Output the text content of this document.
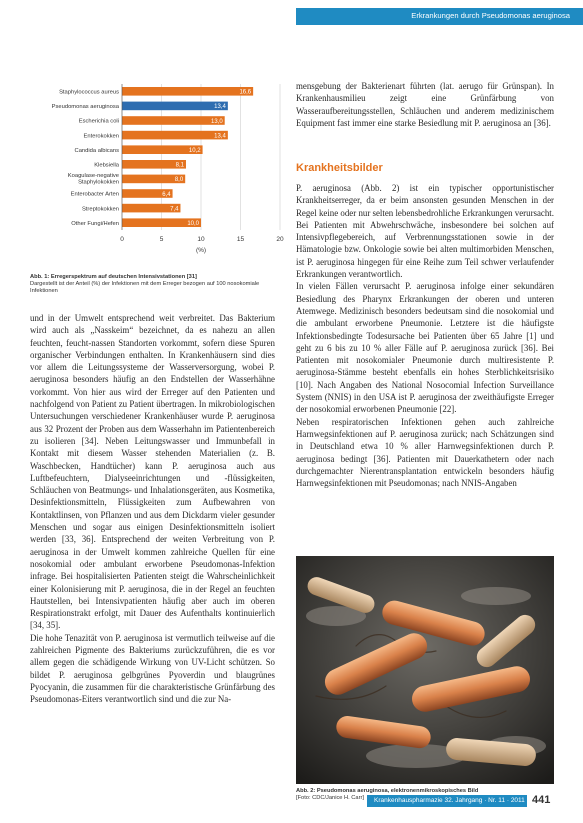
Erkrankungen durch Pseudomonas aeruginosa
0	5	10	15	20
(%)
Staphylococcus aureus	16,6
Pseudomonas aeruginosa	13,4
Escherichia coli	13,0
Enterokokken	13,4
Candida albicans	10,2
Klebsiella	8,1
Koagulase-negative
Staphylokokken	8,0
Enterobacter Arten	6,4
Streptokokken	7,4
Other Fungi/Hefen	10,0
Abb. 1: Erregerspektrum auf deutschen Intensivstationen [31]
Dargestellt ist der Anteil (%) der Infektionen mit dem Erreger bezogen auf 100 nosokomiale Infektionen

und in der Umwelt entsprechend weit verbreitet. Das Bakterium wird auch als „Nasskeim“ bezeichnet, da es nahezu an allen feuchten, feucht-nassen Standorten vorkommt, sofern diese Spuren organischer Verbindungen enthalten. In Krankenhäusern sind dies vor allem die Leitungssysteme der Wasserversorgung, wobei P. aeruginosa besonders häufig an den Endstellen der Wasserhähne vorkommt. Von hier aus wird der Erreger auf den Patienten und nachfolgend von Patient zu Patient übertragen. In mikrobiologischen Untersuchungen verschiedener Krankenhäuser wurde P. aeruginosa aus 32 Prozent der Proben aus dem Wasserhahn im Patientenbereich zu isolieren [34]. Neben Leitungswasser und Immunbefall in Kontakt mit diesem Wasser stehenden Materialien (z. B. Waschbecken, Handtücher) kann P. aeruginosa auch aus Luftbefeuchtern, Dialyseeinrichtungen und -flüssigkeiten, Schläuchen von Beatmungs- und Inhalationsgeräten, aus Kosmetika, Desinfektionsmitteln, Flüssigkeiten zum Aufbewahren von Kontaktlinsen, von Pflanzen und aus dem Dickdarm vieler gesunder Menschen und sogar aus einigen Desinfektionsmitteln isoliert werden [33, 36]. Entsprechend der weiten Verbreitung von P. aeruginosa in der Umwelt kommen zahlreiche Quellen für eine nosokomial oder ambulant erworbene Pseudomonas-Infektion infrage. Bei hospitalisierten Patienten steigt die Wahrscheinlichkeit einer Kolonisierung mit P. aeruginosa, die in der Regel an feuchten Hautstellen, bei Intensivpatienten häufig aber auch im oberen Respirationstrakt erfolgt, mit Dauer des Aufenthalts kontinuierlich [34, 35].

Die hohe Tenazität von P. aeruginosa ist vermutlich teilweise auf die zahlreichen Pigmente des Bakteriums zurückzuführen, die es vor allem gegen die schädigende Wirkung von UV-Licht schützen. So bildet P. aeruginosa gelbgrünes Pyoverdin und blaugrünes Pyocyanin, die zusammen für die charakteristische Grünfärbung des Pseudomonas-Eiters verantwortlich sind und die zur Na-

mensgebung der Bakterienart führten (lat. aerugo für Grünspan). In Krankenhausmilieu zeigt eine Grünfärbung von Wasseraufbereitungsstellen, Schläuchen und anderem medizinischem Equipment fast immer eine starke Besiedlung mit P. aeruginosa an [36].

Krankheitsbilder

P. aeruginosa (Abb. 2) ist ein typischer opportunistischer Krankheitserreger, da er beim ansonsten gesunden Menschen in der Regel keine oder nur selten lebensbedrohliche Erkrankungen verursacht. Bei Patienten mit Abwehrschwäche, insbesondere bei solchen auf Intensivpflegebereich, auf Verbrennungsstationen sowie in der Hämatologie bzw. Onkologie sowie bei alten multimorbiden Menschen, ist P. aeruginosa hingegen für eine Reihe zum Teil schwer verlaufender Erkrankungen verantwortlich.

In vielen Fällen verursacht P. aeruginosa infolge einer sekundären Besiedlung des Pharynx Erkrankungen der oberen und unteren Atemwege. Medizinisch besonders bedeutsam sind die nosokomial und die ambulant erworbene Pneumonie. Letztere ist die häufigste Infektionsbedingte Todesursache bei Patienten über 65 Jahre [1] und geht zu 6 bis zu 10 % aller Fälle auf P. aeruginosa zurück [36]. Bei Patienten mit nosokomialer Pneumonie durch multiresistente P. aeruginosa-Stämme besteht ebenfalls ein hohes Sterblichkeitsrisiko [10]. Nach Angaben des National Nosocomial Infection Surveillance System (NNIS) in den USA ist P. aeruginosa der zweithäufigste Erreger der nosokomial erworbenen Pneumonie [22].

Neben respiratorischen Infektionen gehen auch zahlreiche Harnwegsinfektionen auf P. aeruginosa zurück; nach Schätzungen sind in Deutschland etwa 10 % aller Harnwegsinfektionen durch P. aeruginosa bedingt [36]. Patienten mit Dauerkathetern oder nach durchgemachter Nierentransplantation entwickeln besonders häufig Harnwegsinfektionen mit Pseudomonas; nach NNIS-Angaben

Abb. 2: Pseudomonas aeruginosa, elektronenmikroskopisches Bild
[Foto: CDC/Janice H. Carr]	Krankenhauspharmazie 32. Jahrgang · Nr. 11 · 2011 441
